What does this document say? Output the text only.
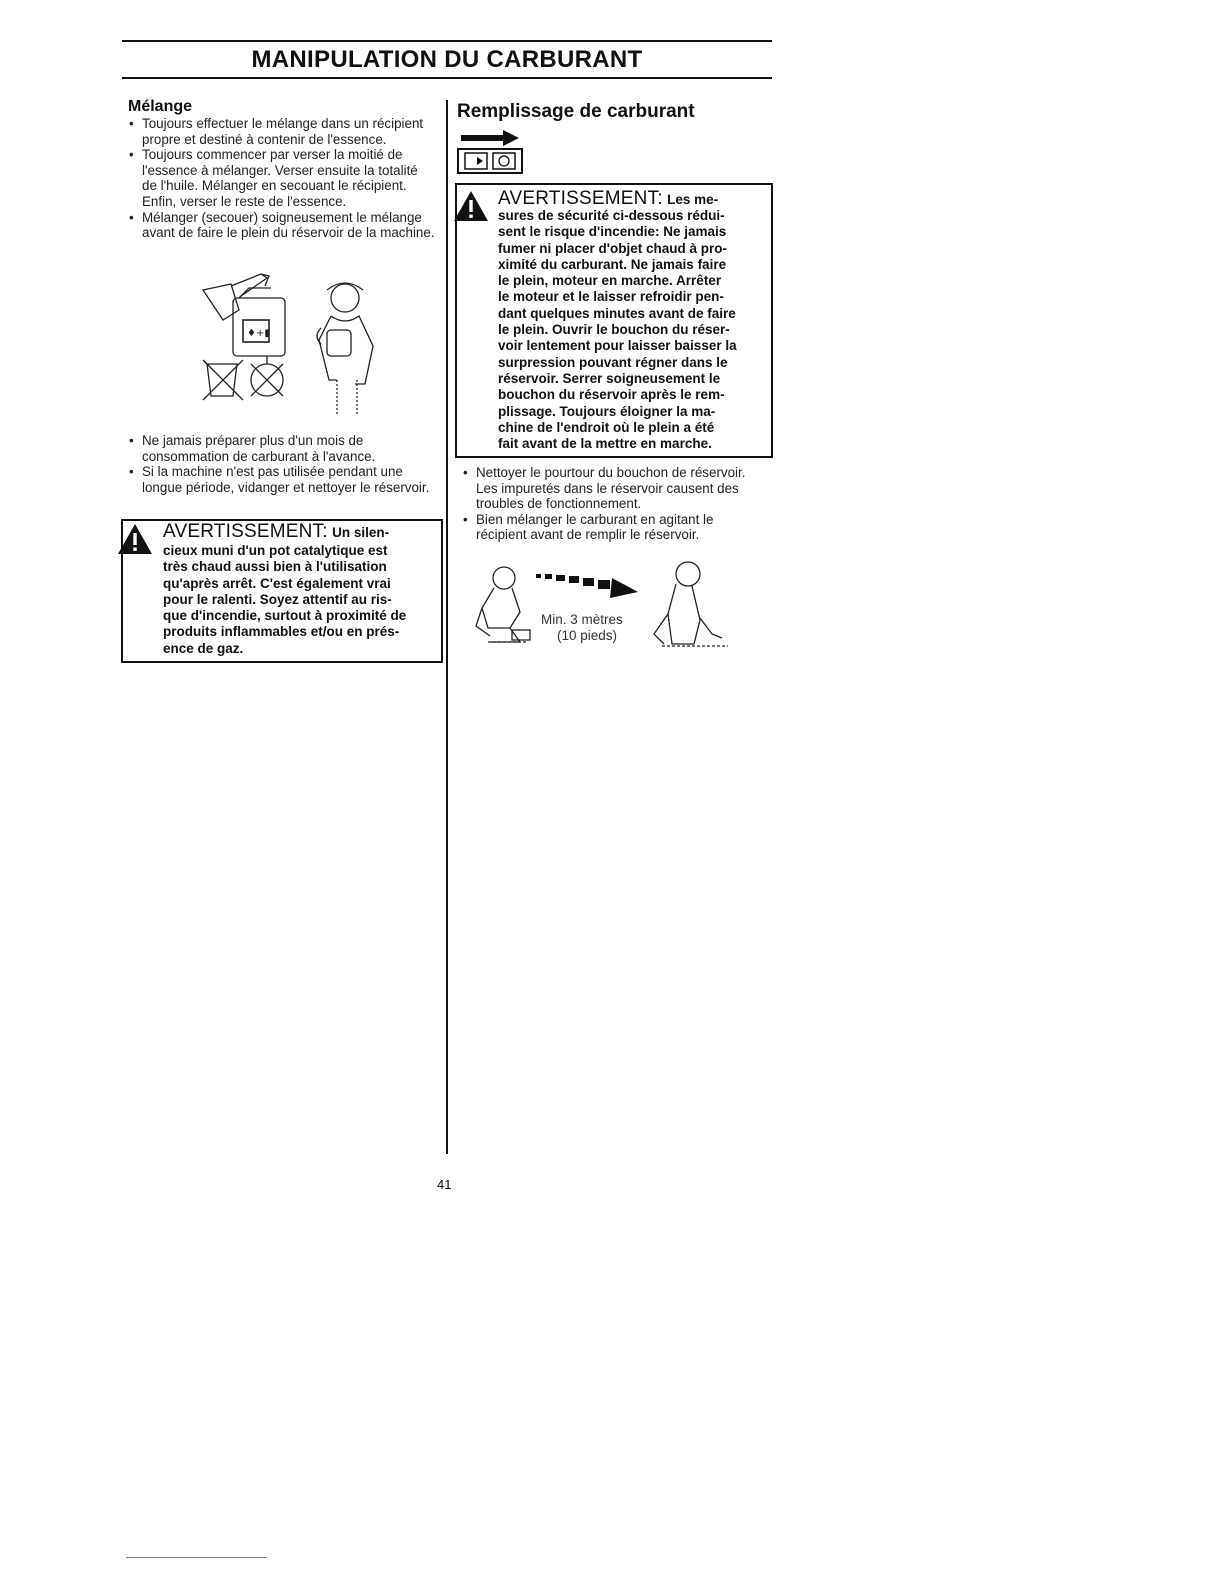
MANIPULATION DU CARBURANT
Mélange
• Toujours effectuer le mélange dans un récipient propre et destiné à contenir de l'essence.
• Toujours commencer par verser la moitié de l'essence à mélanger. Verser ensuite la totalité de l'huile. Mélanger en secouant le récipient. Enfin, verser le reste de l'essence.
• Mélanger (secouer) soigneusement le mélange avant de faire le plein du réservoir de la machine.
♦+▮
• Ne jamais préparer plus d'un mois de consommation de carburant à l'avance.
• Si la machine n'est pas utilisée pendant une longue période, vidanger et nettoyer le réservoir.
AVERTISSEMENT: Un silen-
cieux muni d'un pot catalytique est
très chaud aussi bien à l'utilisation
qu'après arrêt. C'est également vrai
pour le ralenti. Soyez attentif au ris-
que d'incendie, surtout à proximité de
produits inflammables et/ou en prés-
ence de gaz.
Remplissage de carburant
AVERTISSEMENT: Les me-
sures de sécurité ci-dessous rédui-
sent le risque d'incendie: Ne jamais
fumer ni placer d'objet chaud à pro-
ximité du carburant. Ne jamais faire
le plein, moteur en marche. Arrêter
le moteur et le laisser refroidir pen-
dant quelques minutes avant de faire
le plein. Ouvrir le bouchon du réser-
voir lentement pour laisser baisser la
surpression pouvant régner dans le
réservoir. Serrer soigneusement le
bouchon du réservoir après le rem-
plissage. Toujours éloigner la ma-
chine de l'endroit où le plein a été
fait avant de la mettre en marche.
• Nettoyer le pourtour du bouchon de réservoir. Les impuretés dans le réservoir causent des troubles de fonctionnement.
• Bien mélanger le carburant en agitant le récipient avant de remplir le réservoir.
Min. 3 mètres
(10 pieds)
41
